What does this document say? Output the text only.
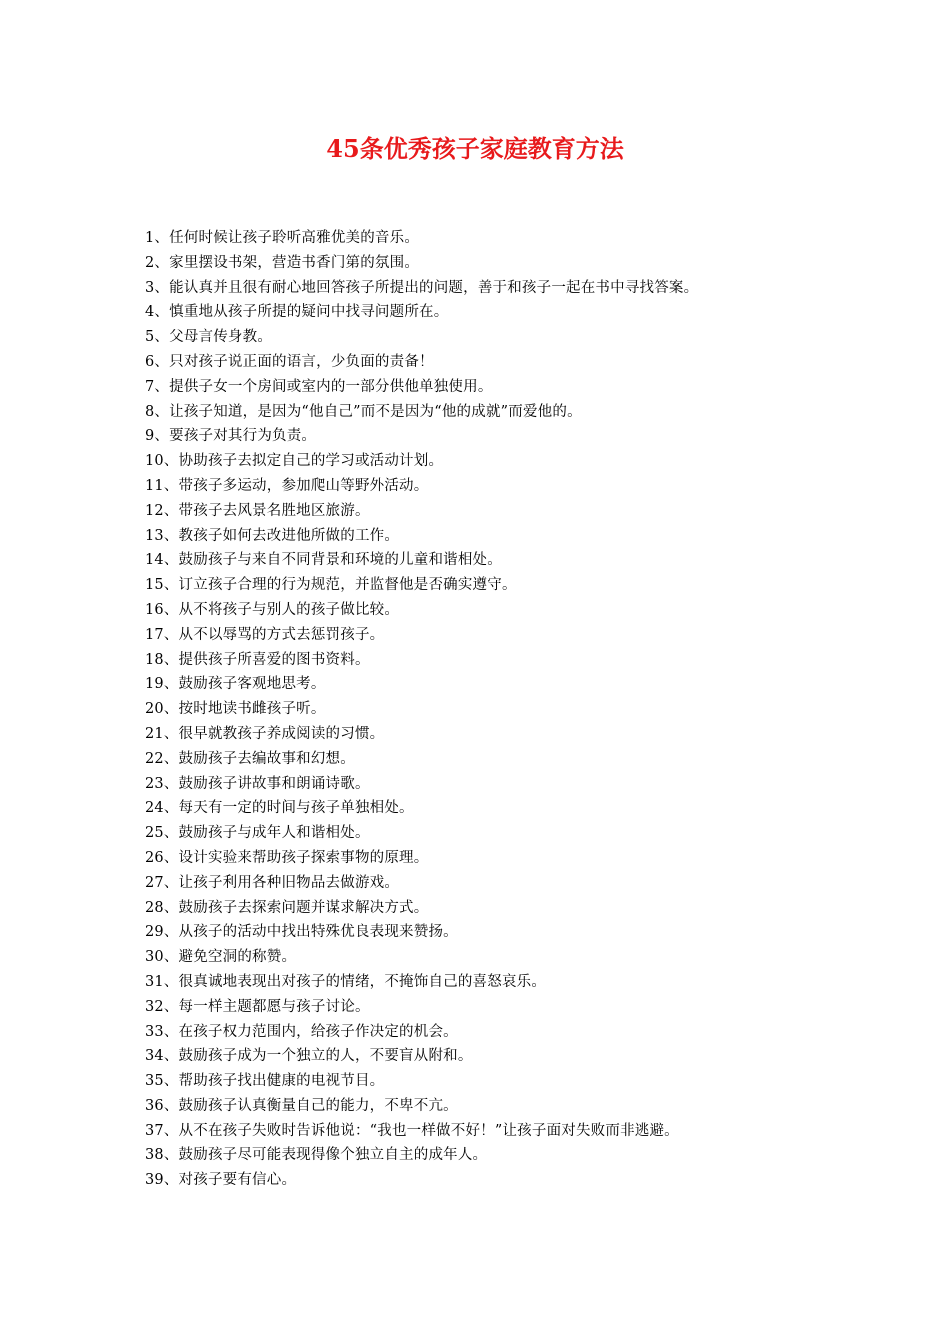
45条优秀孩子家庭教育方法
1、任何时候让孩子聆听高雅优美的音乐。
2、家里摆设书架，营造书香门第的氛围。
3、能认真并且很有耐心地回答孩子所提出的问题，善于和孩子一起在书中寻找答案。
4、慎重地从孩子所提的疑问中找寻问题所在。
5、父母言传身教。
6、只对孩子说正面的语言，少负面的责备！
7、提供子女一个房间或室内的一部分供他单独使用。
8、让孩子知道，是因为“他自己”而不是因为“他的成就”而爱他的。
9、要孩子对其行为负责。
10、协助孩子去拟定自己的学习或活动计划。
11、带孩子多运动，参加爬山等野外活动。
12、带孩子去风景名胜地区旅游。
13、教孩子如何去改进他所做的工作。
14、鼓励孩子与来自不同背景和环境的儿童和谐相处。
15、订立孩子合理的行为规范，并监督他是否确实遵守。
16、从不将孩子与别人的孩子做比较。
17、从不以辱骂的方式去惩罚孩子。
18、提供孩子所喜爱的图书资料。
19、鼓励孩子客观地思考。
20、按时地读书雌孩子听。
21、很早就教孩子养成阅读的习惯。
22、鼓励孩子去编故事和幻想。
23、鼓励孩子讲故事和朗诵诗歌。
24、每天有一定的时间与孩子单独相处。
25、鼓励孩子与成年人和谐相处。
26、设计实验来帮助孩子探索事物的原理。
27、让孩子利用各种旧物品去做游戏。
28、鼓励孩子去探索问题并谋求解决方式。
29、从孩子的活动中找出特殊优良表现来赞扬。
30、避免空洞的称赞。
31、很真诚地表现出对孩子的情绪，不掩饰自己的喜怒哀乐。
32、每一样主题都愿与孩子讨论。
33、在孩子权力范围内，给孩子作决定的机会。
34、鼓励孩子成为一个独立的人，不要盲从附和。
35、帮助孩子找出健康的电视节目。
36、鼓励孩子认真衡量自己的能力，不卑不亢。
37、从不在孩子失败时告诉他说：“我也一样做不好！”让孩子面对失败而非逃避。
38、鼓励孩子尽可能表现得像个独立自主的成年人。
39、对孩子要有信心。
